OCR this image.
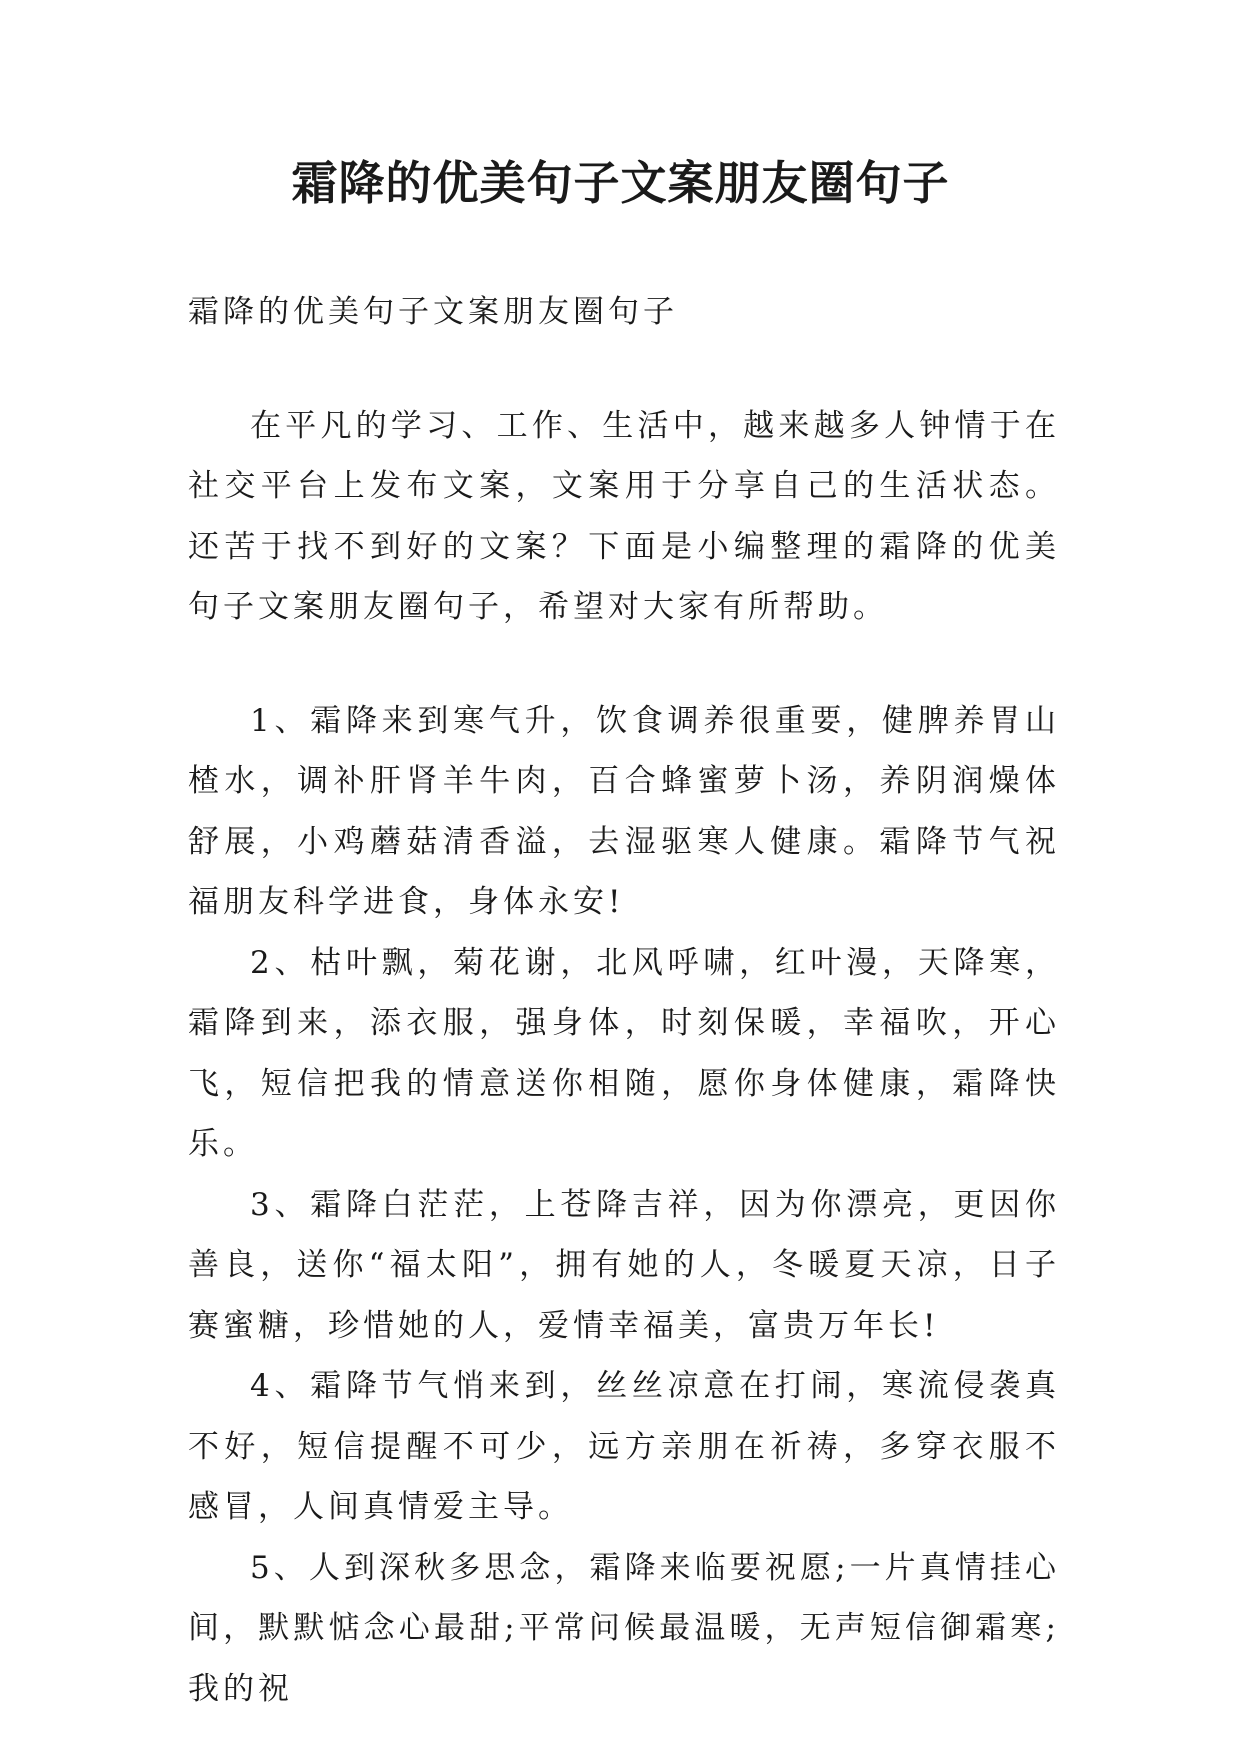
霜降的优美句子文案朋友圈句子

霜降的优美句子文案朋友圈句子

在平凡的学习、工作、生活中，越来越多人钟情于在社交平台上发布文案，文案用于分享自己的生活状态。还苦于找不到好的文案？下面是小编整理的霜降的优美句子文案朋友圈句子，希望对大家有所帮助。

1、霜降来到寒气升，饮食调养很重要，健脾养胃山楂水，调补肝肾羊牛肉，百合蜂蜜萝卜汤，养阴润燥体舒展，小鸡蘑菇清香溢，去湿驱寒人健康。霜降节气祝福朋友科学进食，身体永安!

2、枯叶飘，菊花谢，北风呼啸，红叶漫，天降寒，霜降到来，添衣服，强身体，时刻保暖，幸福吹，开心飞，短信把我的情意送你相随，愿你身体健康，霜降快乐。

3、霜降白茫茫，上苍降吉祥，因为你漂亮，更因你善良，送你“福太阳”，拥有她的人，冬暖夏天凉，日子赛蜜糖，珍惜她的人，爱情幸福美，富贵万年长!

4、霜降节气悄来到，丝丝凉意在打闹，寒流侵袭真不好，短信提醒不可少，远方亲朋在祈祷，多穿衣服不感冒，人间真情爱主导。

5、人到深秋多思念，霜降来临要祝愿;一片真情挂心间，默默惦念心最甜;平常问候最温暖，无声短信御霜寒;我的祝
